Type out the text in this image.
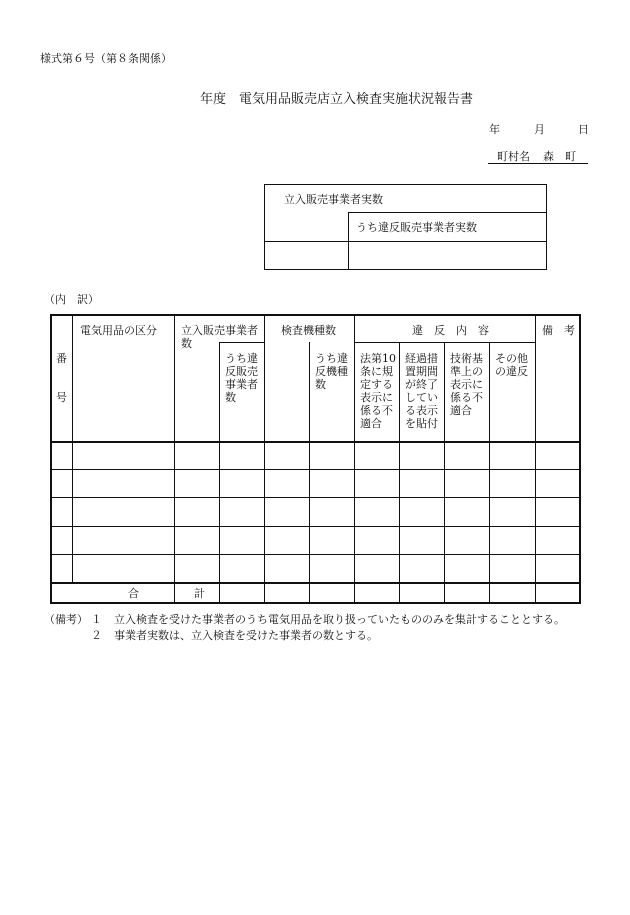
様式第６号（第８条関係）
年度　電気用品販売店立入検査実施状況報告書
年	月	日
町村名 森　町
立入販売事業者実数
うち違反販売事業者実数
（内　訳）
番

号
電気用品の区分 立入販売事業者
数
うち違
反販売
事業者
数
検査機種数
うち違
反機種
数
違　反　内　容
法第10
条に規
定する
表示に
係る不
適合
経過措
置期間
が終了
してい
る表示
を貼付
技術基
準上の
表示に
係る不
適合
その他
の違反
備　考
合　　　　　計
（備考） １ 立入検査を受けた事業者のうち電気用品を取り扱っていたもののみを集計することとする。
２ 事業者実数は、立入検査を受けた事業者の数とする。
